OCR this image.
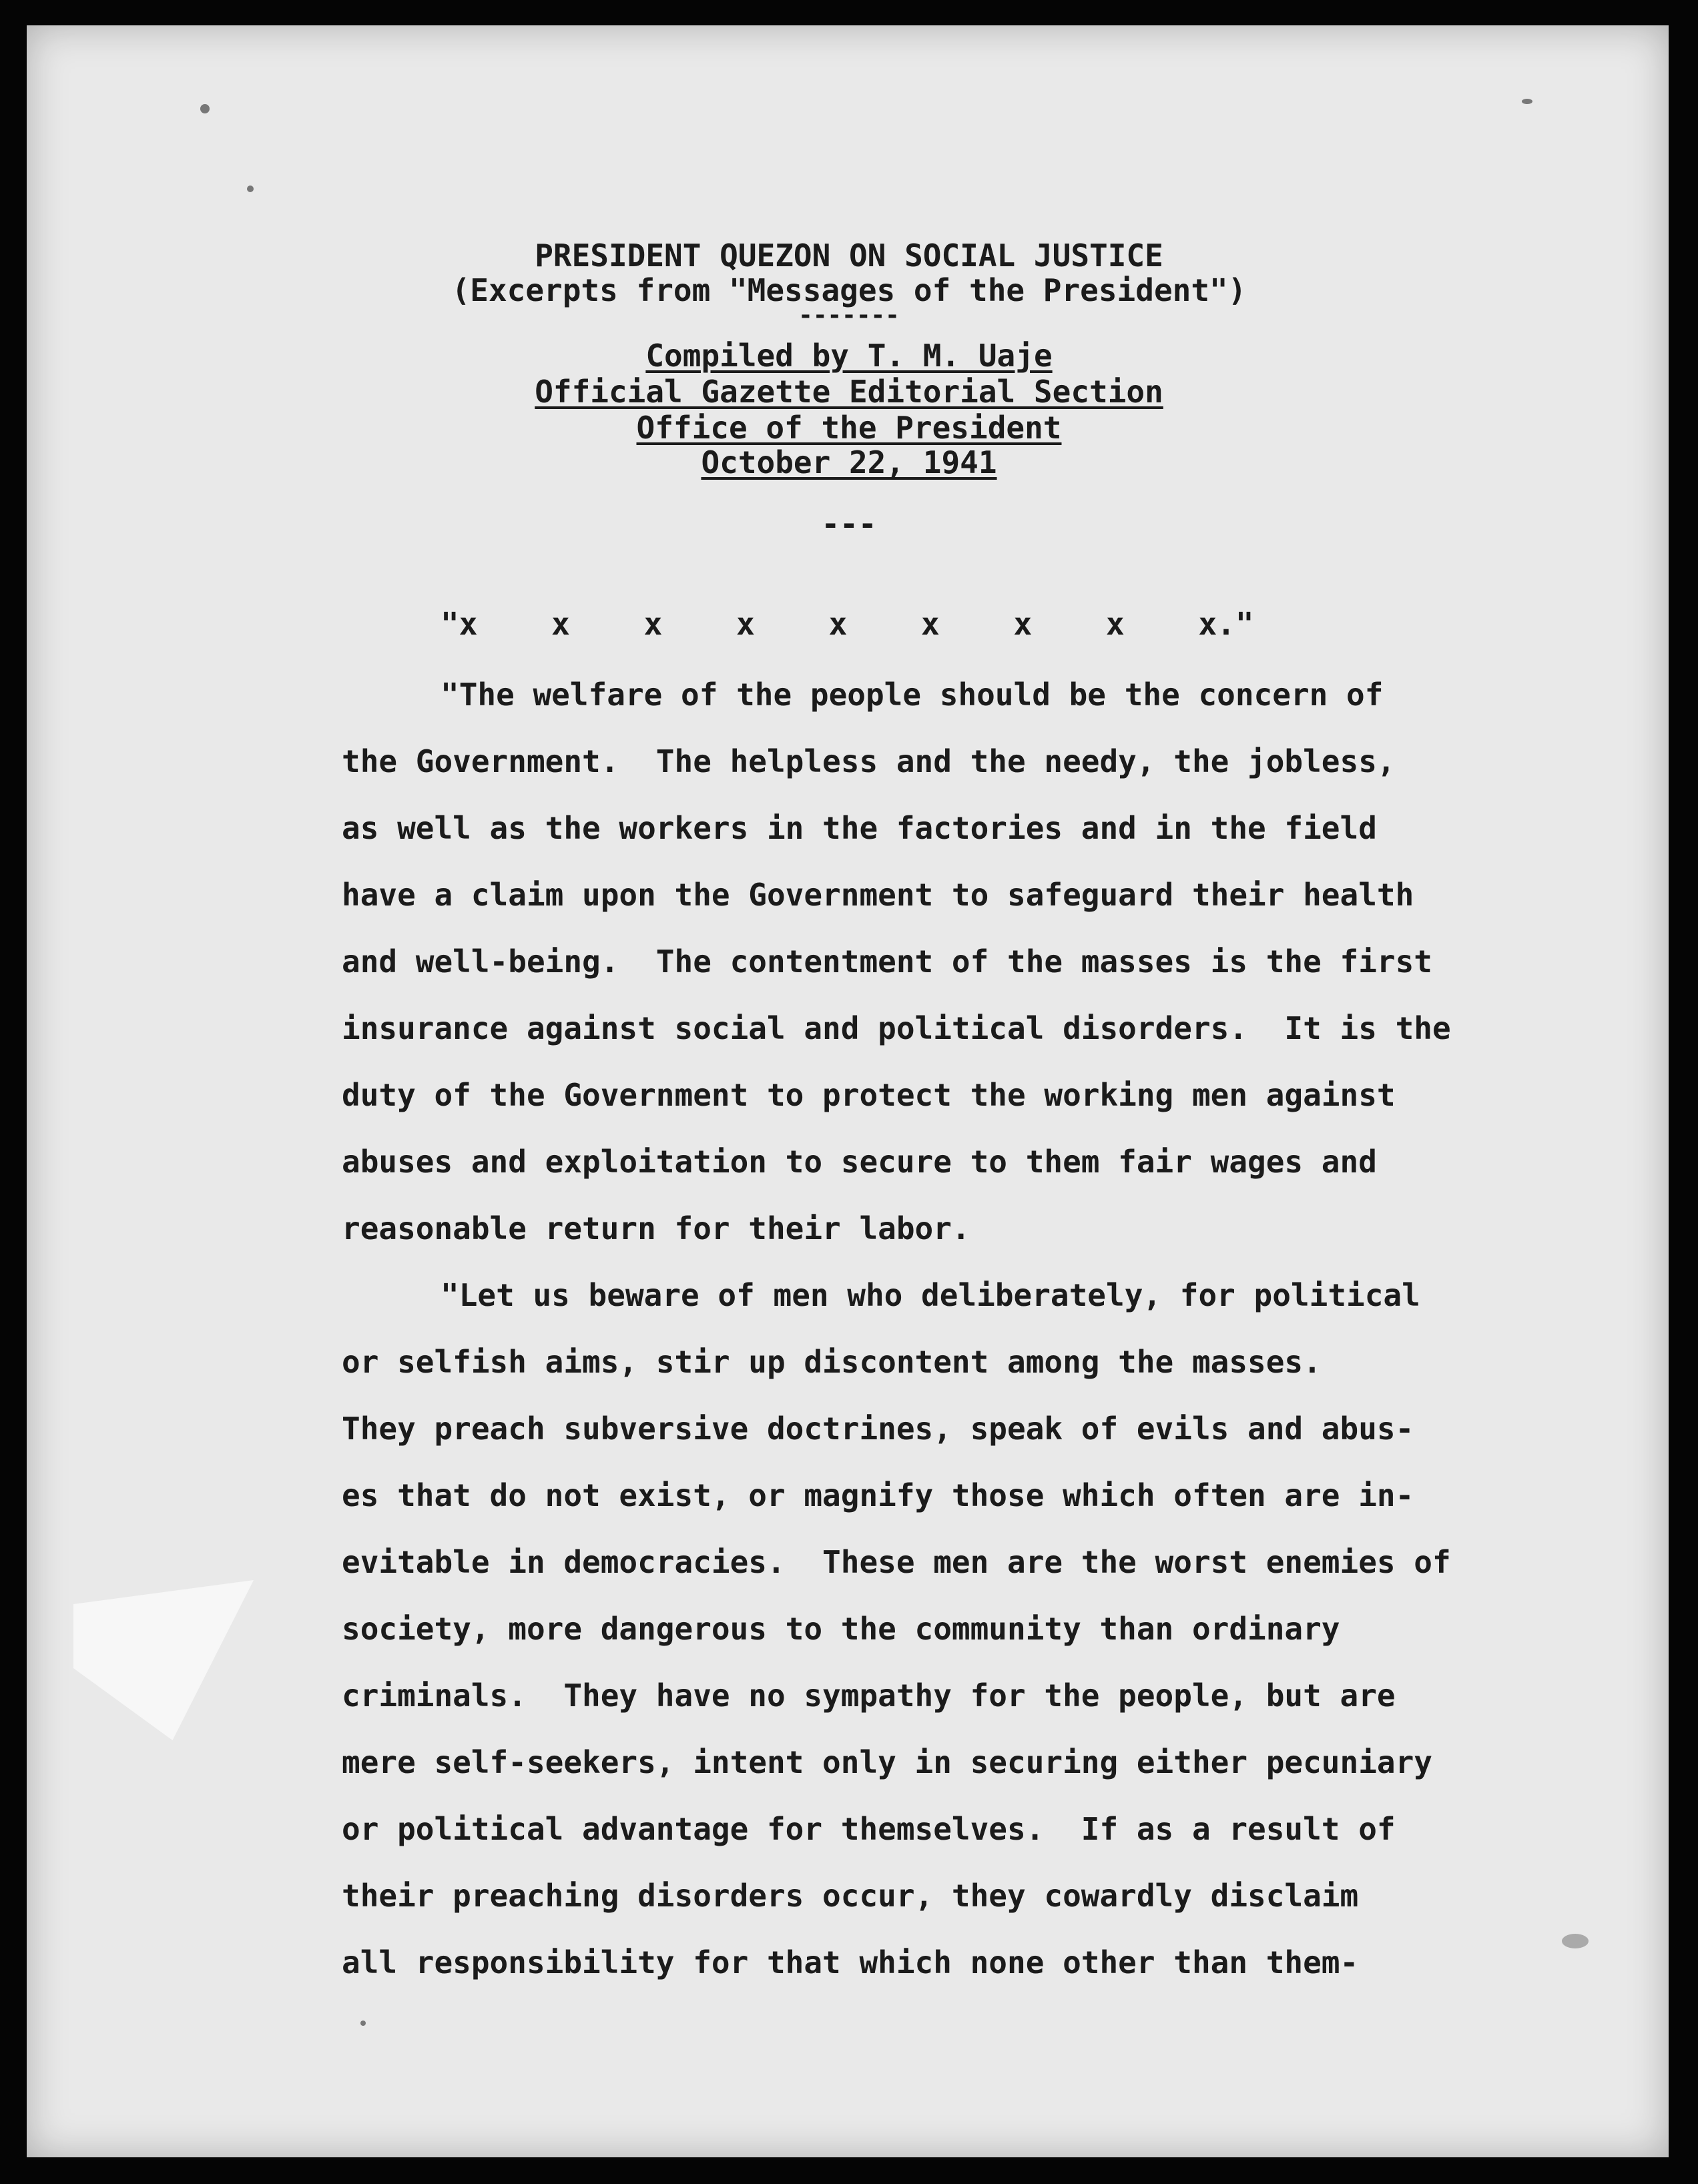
PRESIDENT QUEZON ON SOCIAL JUSTICE
(Excerpts from "Messages of the President")
-------
Compiled by T. M. Uaje
Official Gazette Editorial Section
Office of the President
October 22, 1941
---
"x    x    x    x    x    x    x    x    x."
"The welfare of the people should be the concern of
the Government.  The helpless and the needy, the jobless,
as well as the workers in the factories and in the field
have a claim upon the Government to safeguard their health
and well-being.  The contentment of the masses is the first
insurance against social and political disorders.  It is the
duty of the Government to protect the working men against
abuses and exploitation to secure to them fair wages and
reasonable return for their labor.
"Let us beware of men who deliberately, for political
or selfish aims, stir up discontent among the masses.
They preach subversive doctrines, speak of evils and abus-
es that do not exist, or magnify those which often are in-
evitable in democracies.  These men are the worst enemies of
society, more dangerous to the community than ordinary
criminals.  They have no sympathy for the people, but are
mere self-seekers, intent only in securing either pecuniary
or political advantage for themselves.  If as a result of
their preaching disorders occur, they cowardly disclaim
all responsibility for that which none other than them-
